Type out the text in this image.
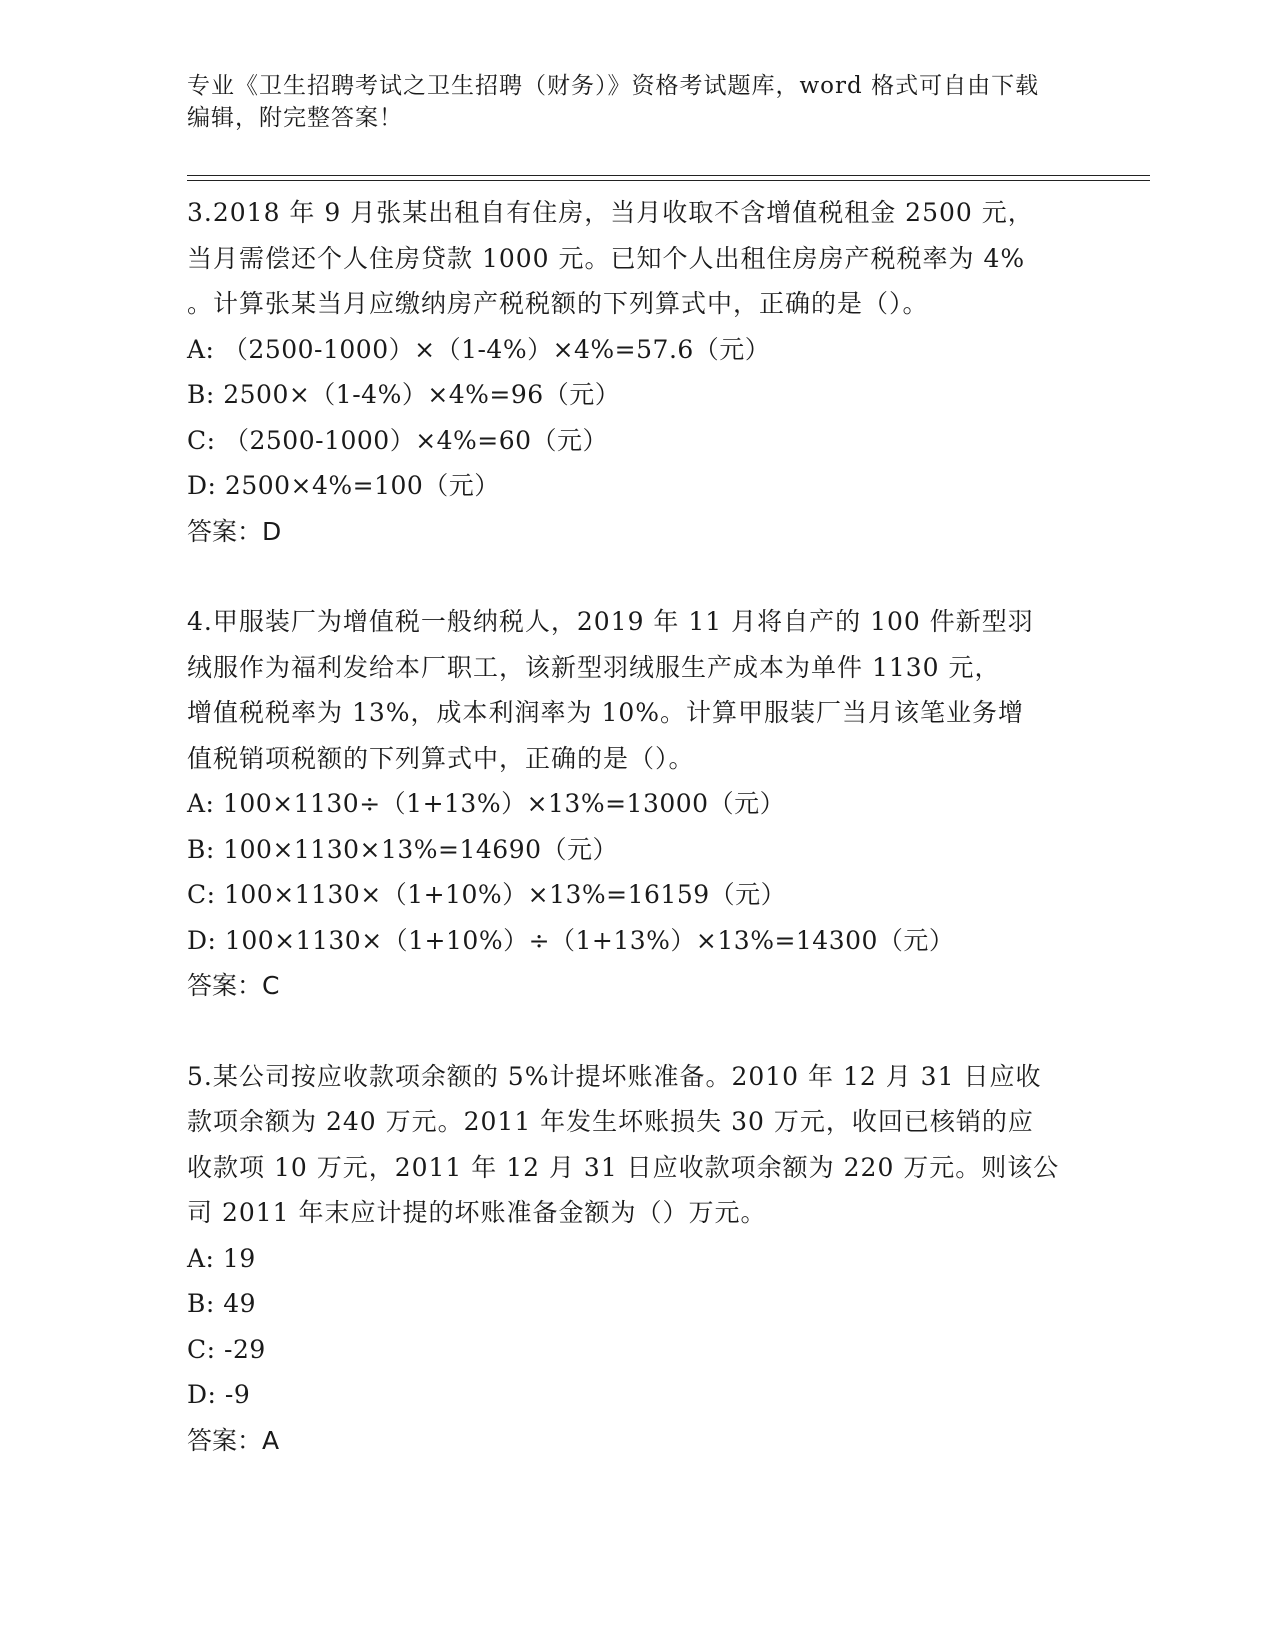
专业《卫生招聘考试之卫生招聘（财务）》资格考试题库，word 格式可自由下载
编辑，附完整答案！

3.2018 年 9 月张某出租自有住房，当月收取不含增值税租金 2500 元，

当月需偿还个人住房贷款 1000 元。已知个人出租住房房产税税率为 4%

。计算张某当月应缴纳房产税税额的下列算式中，正确的是（）。

A: （2500-1000）×（1-4%）×4%=57.6（元）

B: 2500×（1-4%）×4%=96（元）

C: （2500-1000）×4%=60（元）

D: 2500×4%=100（元）

答案：D

4.甲服装厂为增值税一般纳税人，2019 年 11 月将自产的 100 件新型羽

绒服作为福利发给本厂职工，该新型羽绒服生产成本为单件 1130 元，

增值税税率为 13%，成本利润率为 10%。计算甲服装厂当月该笔业务增

值税销项税额的下列算式中，正确的是（）。

A: 100×1130÷（1+13%）×13%=13000（元）

B: 100×1130×13%=14690（元）

C: 100×1130×（1+10%）×13%=16159（元）

D: 100×1130×（1+10%）÷（1+13%）×13%=14300（元）

答案：C

5.某公司按应收款项余额的 5%计提坏账准备。2010 年 12 月 31 日应收

款项余额为 240 万元。2011 年发生坏账损失 30 万元，收回已核销的应

收款项 10 万元，2011 年 12 月 31 日应收款项余额为 220 万元。则该公

司 2011 年末应计提的坏账准备金额为（）万元。

A: 19

B: 49

C: -29

D: -9

答案：A
